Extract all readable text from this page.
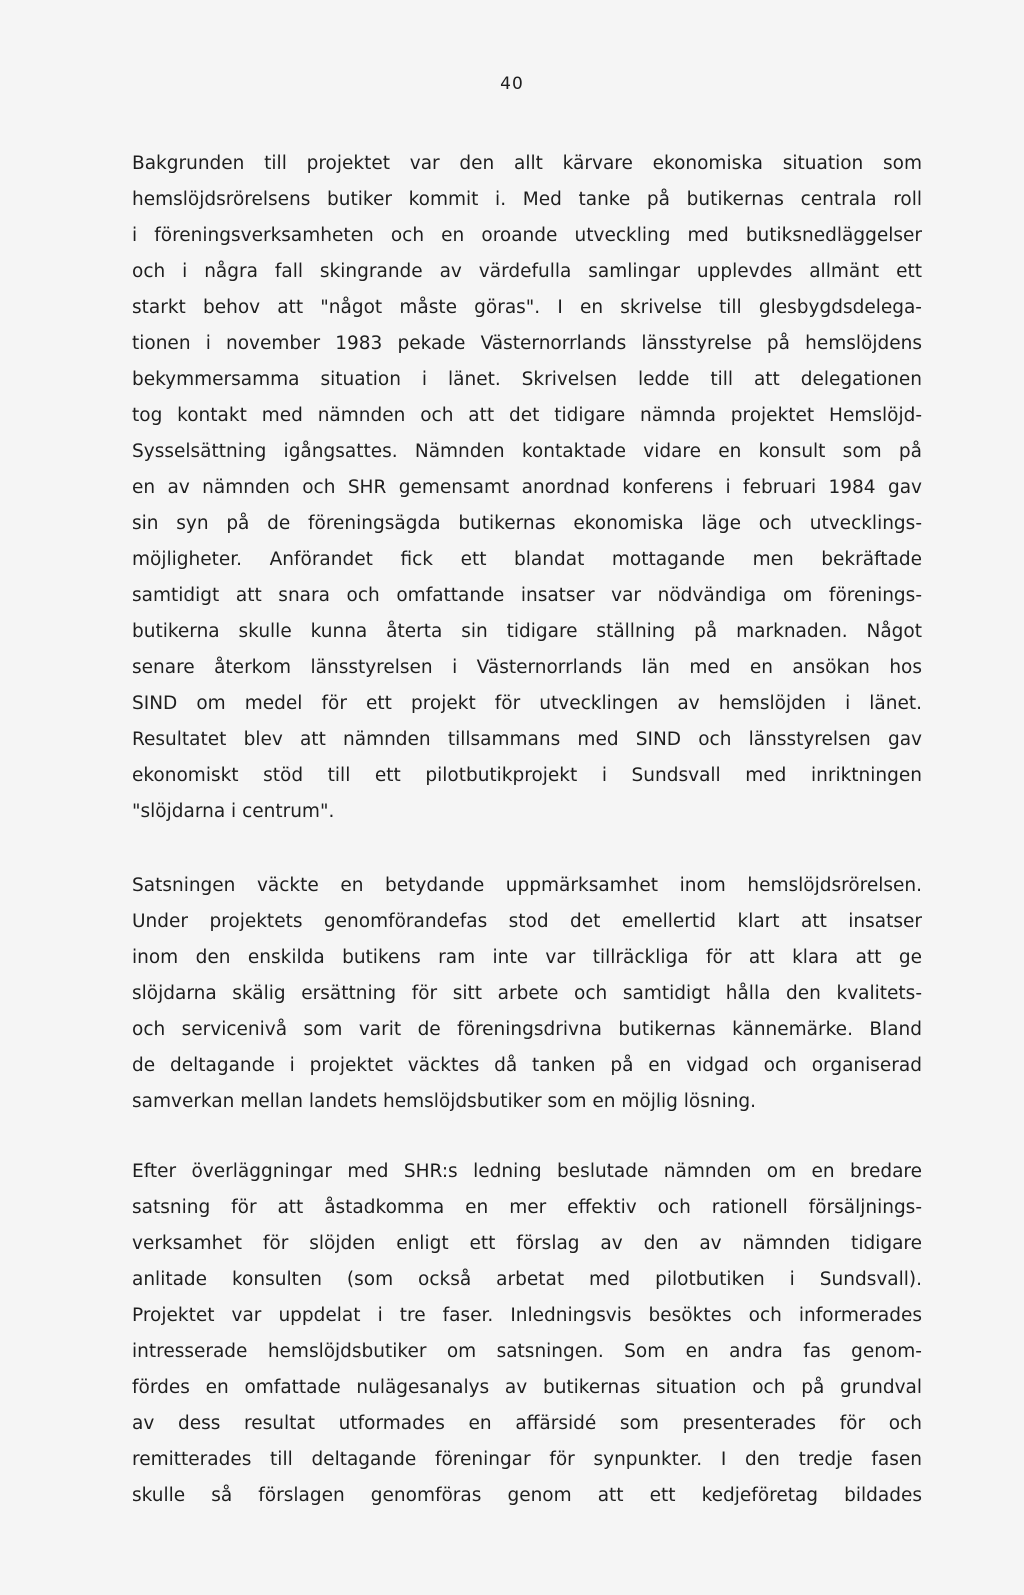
40
Bakgrunden till projektet var den allt kärvare ekonomiska situation som
hemslöjdsrörelsens butiker kommit i. Med tanke på butikernas centrala roll
i föreningsverksamheten och en oroande utveckling med butiksnedläggelser
och i några fall skingrande av värdefulla samlingar upplevdes allmänt ett
starkt behov att "något måste göras". I en skrivelse till glesbygdsdelega-
tionen i november 1983 pekade Västernorrlands länsstyrelse på hemslöjdens
bekymmersamma situation i länet. Skrivelsen ledde till att delegationen
tog kontakt med nämnden och att det tidigare nämnda projektet Hemslöjd-
Sysselsättning igångsattes. Nämnden kontaktade vidare en konsult som på
en av nämnden och SHR gemensamt anordnad konferens i februari 1984 gav
sin syn på de föreningsägda butikernas ekonomiska läge och utvecklings-
möjligheter. Anförandet fick ett blandat mottagande men bekräftade
samtidigt att snara och omfattande insatser var nödvändiga om förenings-
butikerna skulle kunna återta sin tidigare ställning på marknaden. Något
senare återkom länsstyrelsen i Västernorrlands län med en ansökan hos
SIND om medel för ett projekt för utvecklingen av hemslöjden i länet.
Resultatet blev att nämnden tillsammans med SIND och länsstyrelsen gav
ekonomiskt stöd till ett pilotbutikprojekt i Sundsvall med inriktningen
"slöjdarna i centrum".
Satsningen väckte en betydande uppmärksamhet inom hemslöjdsrörelsen.
Under projektets genomförandefas stod det emellertid klart att insatser
inom den enskilda butikens ram inte var tillräckliga för att klara att ge
slöjdarna skälig ersättning för sitt arbete och samtidigt hålla den kvalitets-
och servicenivå som varit de föreningsdrivna butikernas kännemärke. Bland
de deltagande i projektet väcktes då tanken på en vidgad och organiserad
samverkan mellan landets hemslöjdsbutiker som en möjlig lösning.
Efter överläggningar med SHR:s ledning beslutade nämnden om en bredare
satsning för att åstadkomma en mer effektiv och rationell försäljnings-
verksamhet för slöjden enligt ett förslag av den av nämnden tidigare
anlitade konsulten (som också arbetat med pilotbutiken i Sundsvall).
Projektet var uppdelat i tre faser. Inledningsvis besöktes och informerades
intresserade hemslöjdsbutiker om satsningen. Som en andra fas genom-
fördes en omfattade nulägesanalys av butikernas situation och på grundval
av dess resultat utformades en affärsidé som presenterades för och
remitterades till deltagande föreningar för synpunkter. I den tredje fasen
skulle så förslagen genomföras genom att ett kedjeföretag bildades
